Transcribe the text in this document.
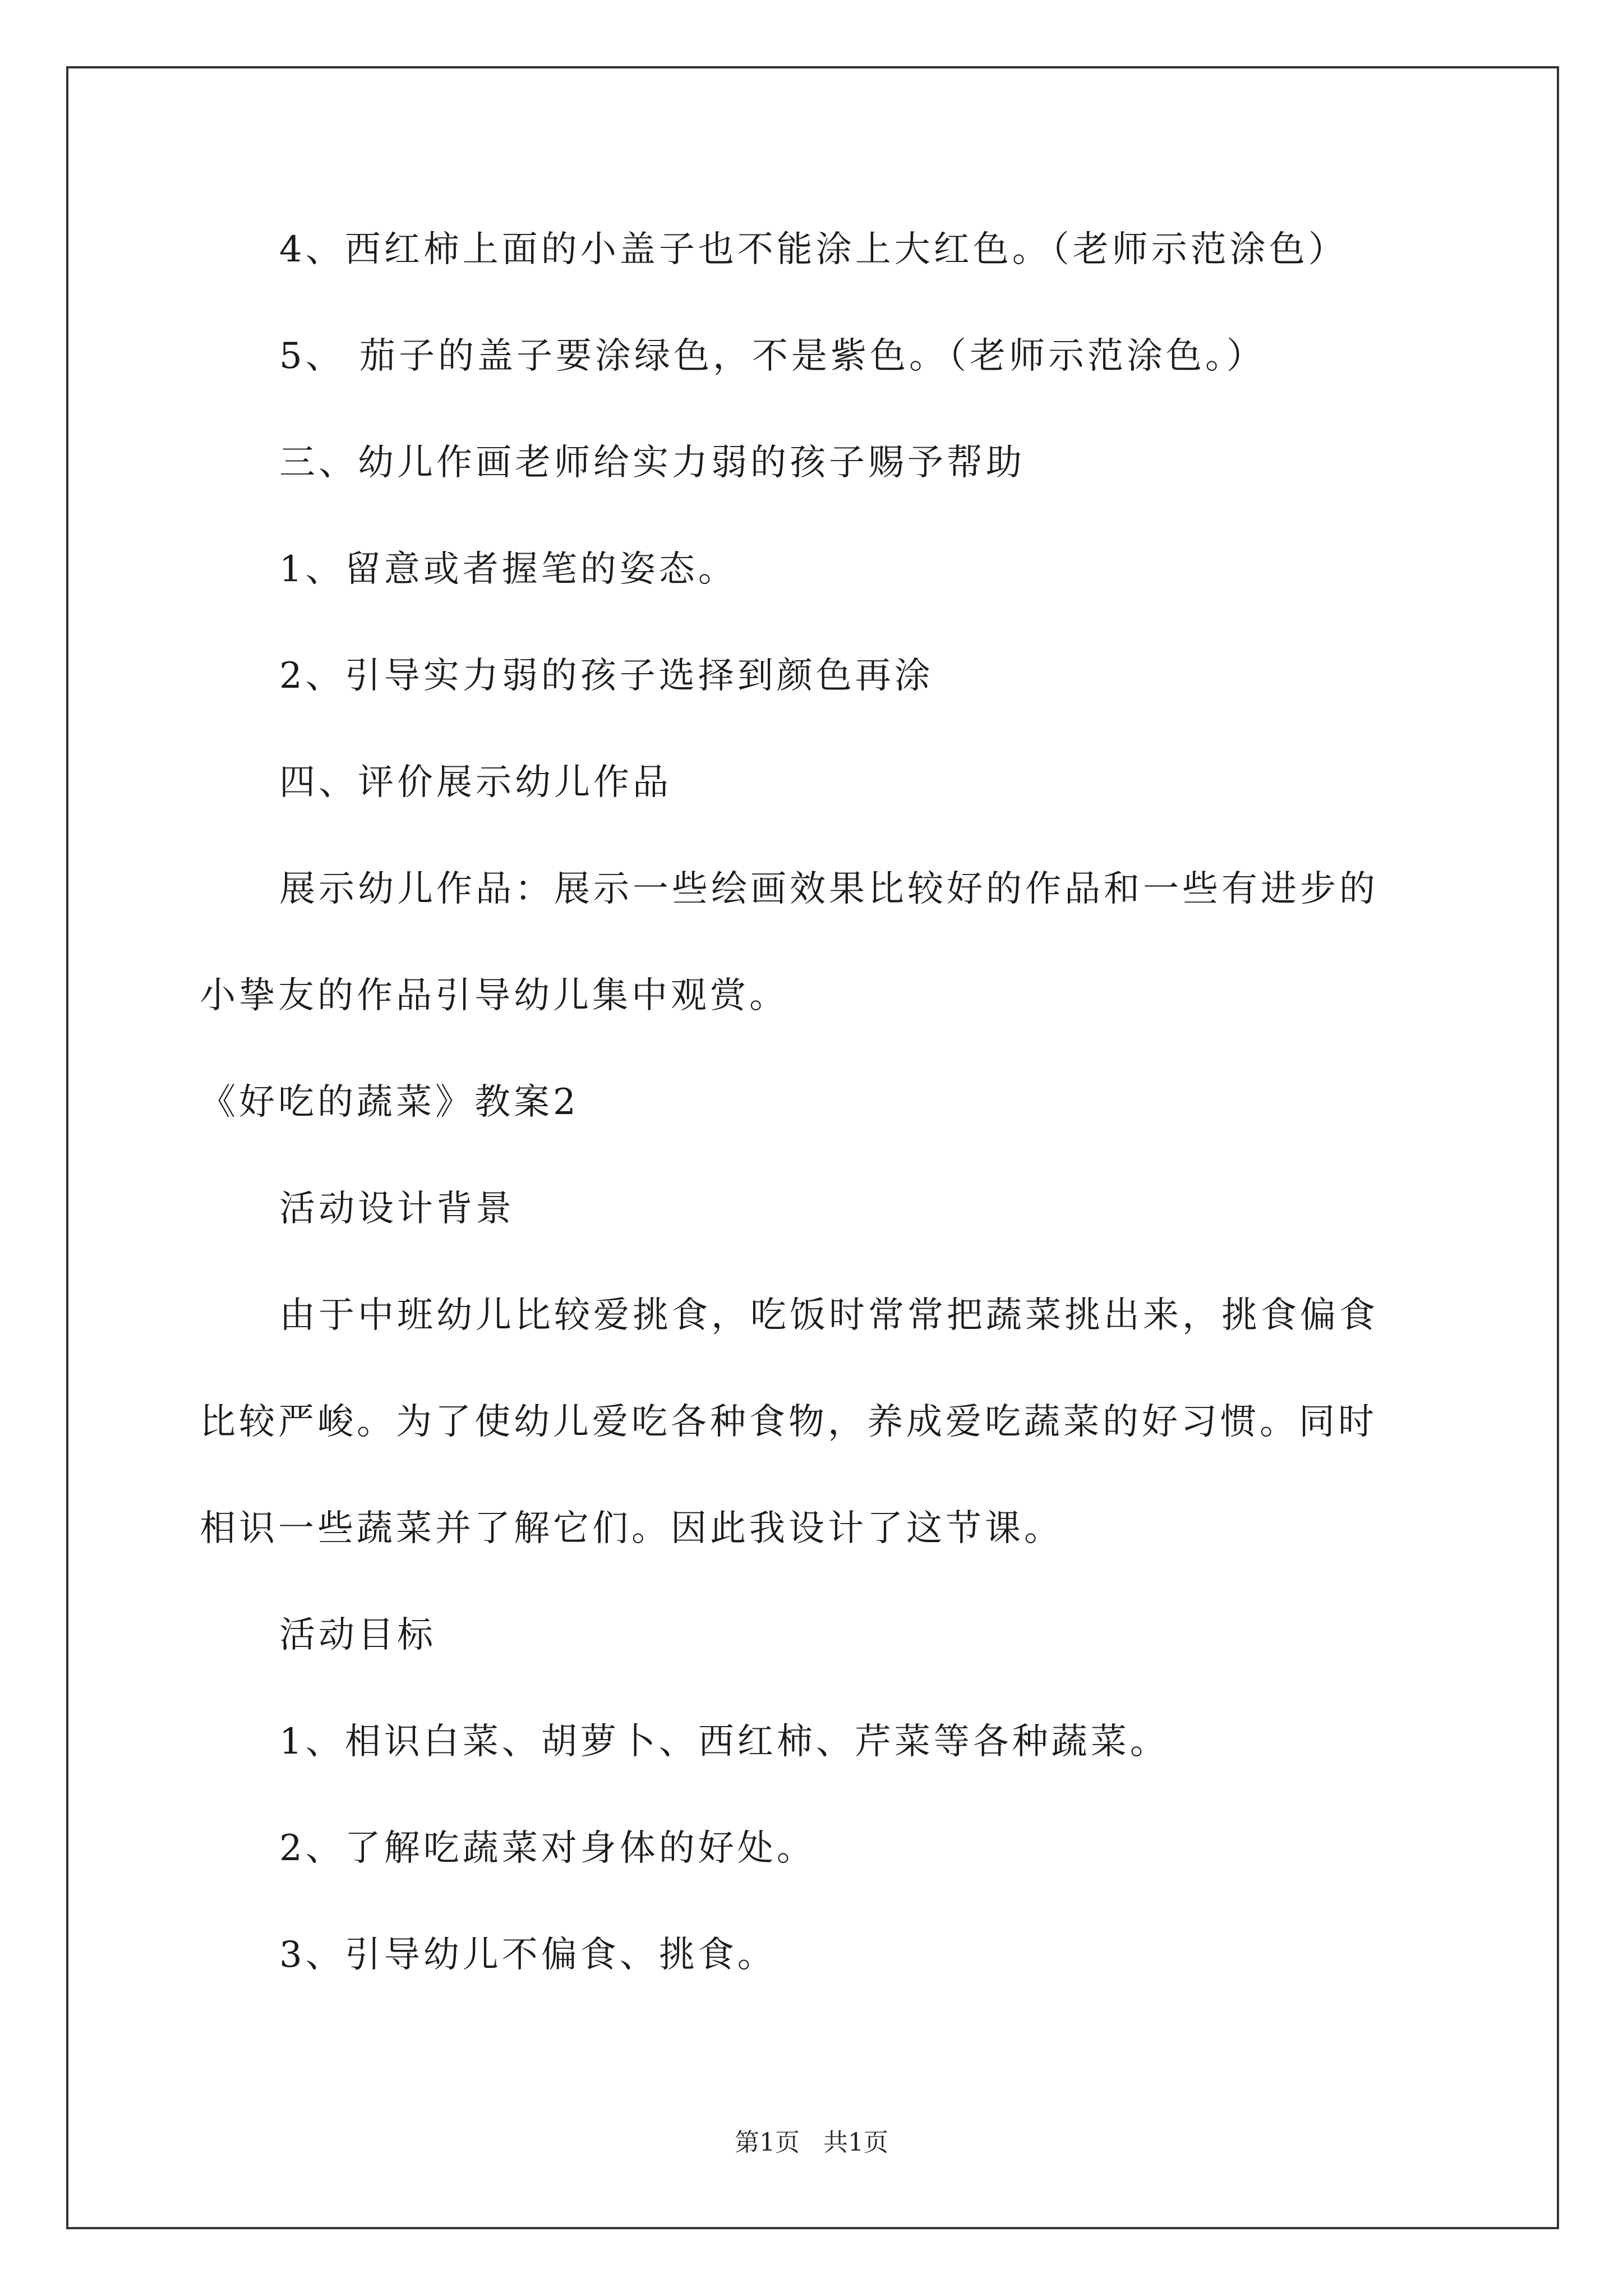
4、西红柿上面的小盖子也不能涂上大红色。（老师示范涂色）
5、 茄子的盖子要涂绿色，不是紫色。（老师示范涂色。）
三、幼儿作画老师给实力弱的孩子赐予帮助
1、留意或者握笔的姿态。
2、引导实力弱的孩子选择到颜色再涂
四、评价展示幼儿作品
展示幼儿作品：展示一些绘画效果比较好的作品和一些有进步的
小挚友的作品引导幼儿集中观赏。
《好吃的蔬菜》教案2
活动设计背景
由于中班幼儿比较爱挑食，吃饭时常常把蔬菜挑出来，挑食偏食
比较严峻。为了使幼儿爱吃各种食物，养成爱吃蔬菜的好习惯。同时
相识一些蔬菜并了解它们。因此我设计了这节课。
活动目标
1、相识白菜、胡萝卜、西红柿、芹菜等各种蔬菜。
2、了解吃蔬菜对身体的好处。
3、引导幼儿不偏食、挑食。
第1页 共1页
